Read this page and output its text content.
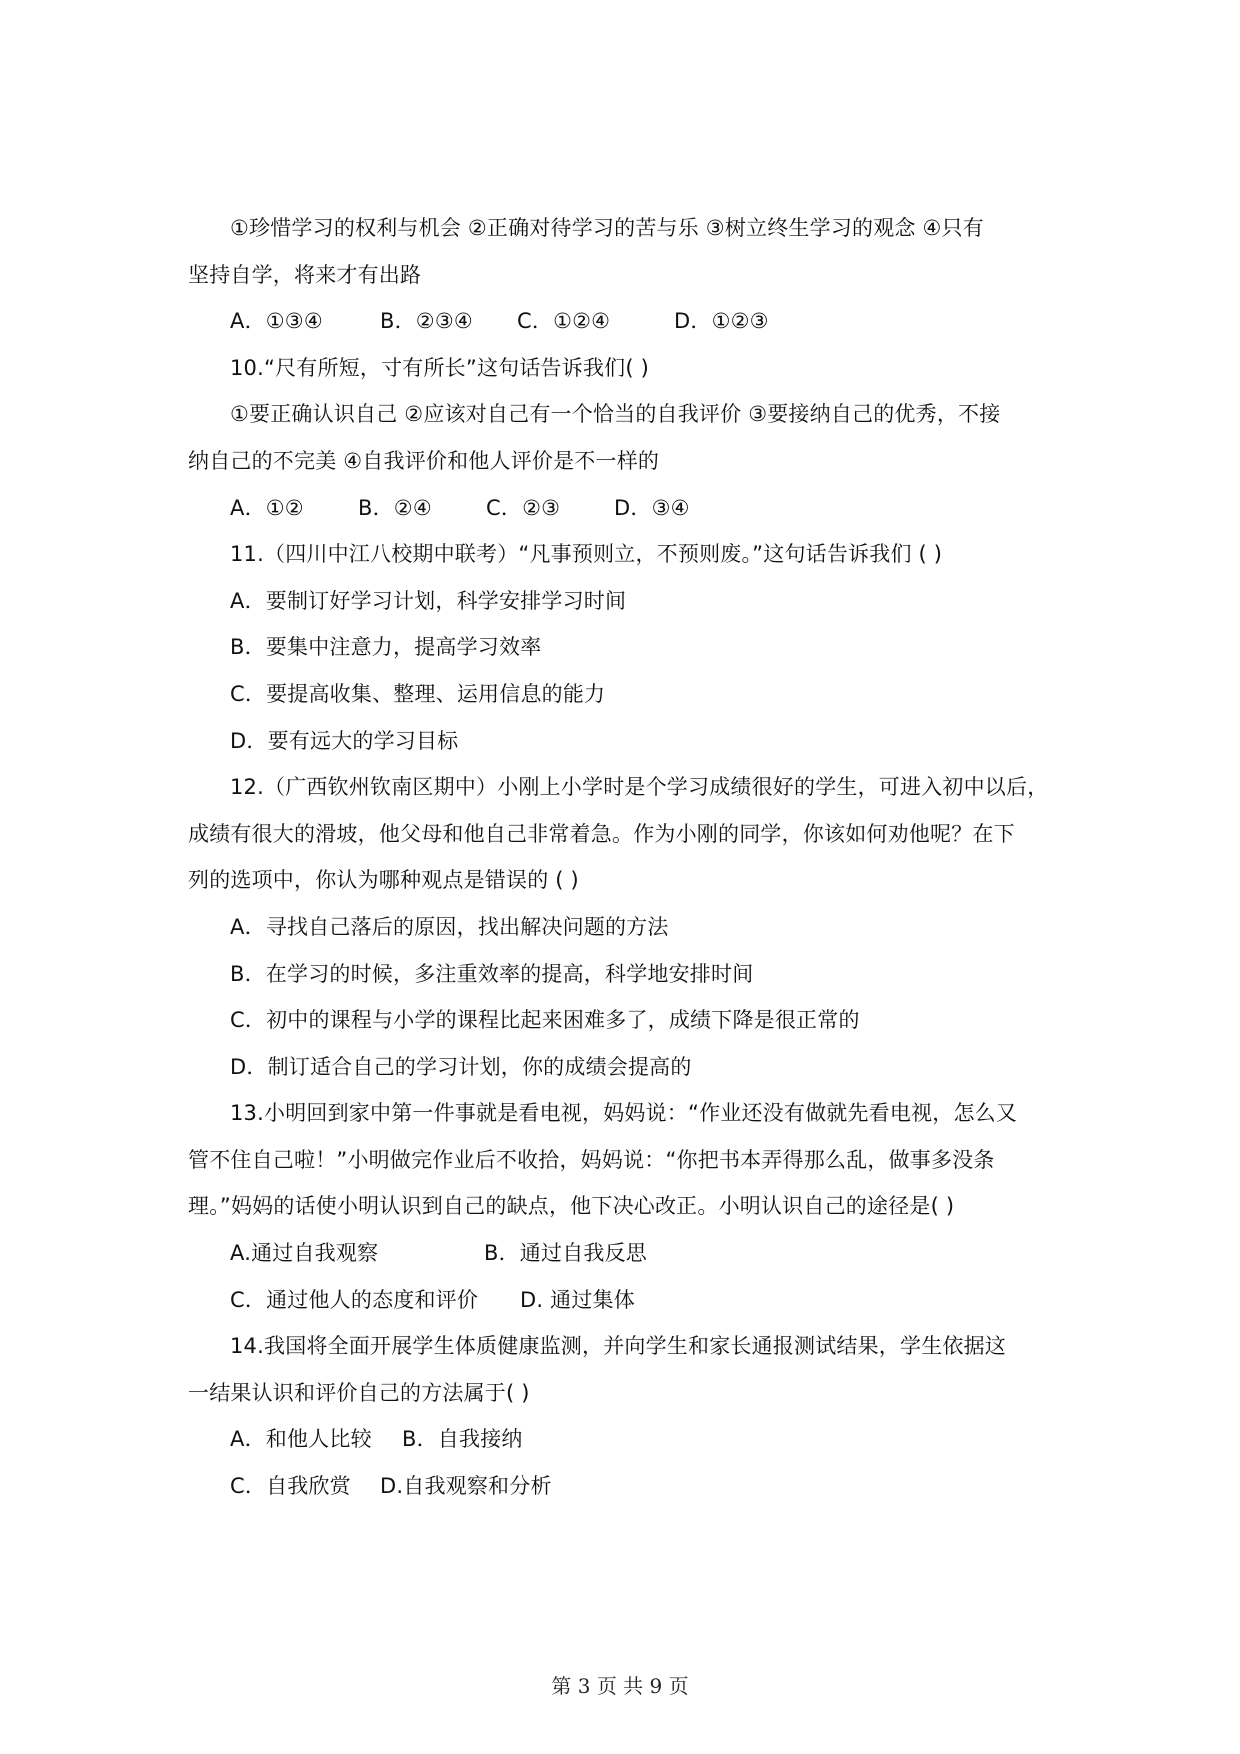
①珍惜学习的权利与机会 ②正确对待学习的苦与乐 ③树立终生学习的观念 ④只有
坚持自学，将来才有出路
A．①③④	B．②③④ C．①②④	D．①②③
10.“尺有所短，寸有所长”这句话告诉我们( )
①要正确认识自己 ②应该对自己有一个恰当的自我评价 ③要接纳自己的优秀，不接
纳自己的不完美 ④自我评价和他人评价是不一样的
A．①②	B．②④	C．②③	D．③④
11.（四川中江八校期中联考）“凡事预则立，不预则废。”这句话告诉我们 ( )
A．要制订好学习计划，科学安排学习时间
B．要集中注意力，提高学习效率
C．要提高收集、整理、运用信息的能力
D．要有远大的学习目标
12.（广西钦州钦南区期中）小刚上小学时是个学习成绩很好的学生，可进入初中以后，
成绩有很大的滑坡，他父母和他自己非常着急。作为小刚的同学，你该如何劝他呢？在下
列的选项中，你认为哪种观点是错误的 ( )
A．寻找自己落后的原因，找出解决问题的方法
B．在学习的时候，多注重效率的提高，科学地安排时间
C．初中的课程与小学的课程比起来困难多了，成绩下降是很正常的
D．制订适合自己的学习计划，你的成绩会提高的
13.小明回到家中第一件事就是看电视，妈妈说：“作业还没有做就先看电视，怎么又
管不住自己啦！”小明做完作业后不收拾，妈妈说：“你把书本弄得那么乱，做事多没条
理。”妈妈的话使小明认识到自己的缺点，他下决心改正。小明认识自己的途径是( )
A.通过自我观察	B．通过自我反思
C．通过他人的态度和评价 D. 通过集体
14.我国将全面开展学生体质健康监测，并向学生和家长通报测试结果，学生依据这
一结果认识和评价自己的方法属于( )
A．和他人比较 B．自我接纳
C．自我欣赏 D.自我观察和分析
第 3 页 共 9 页
